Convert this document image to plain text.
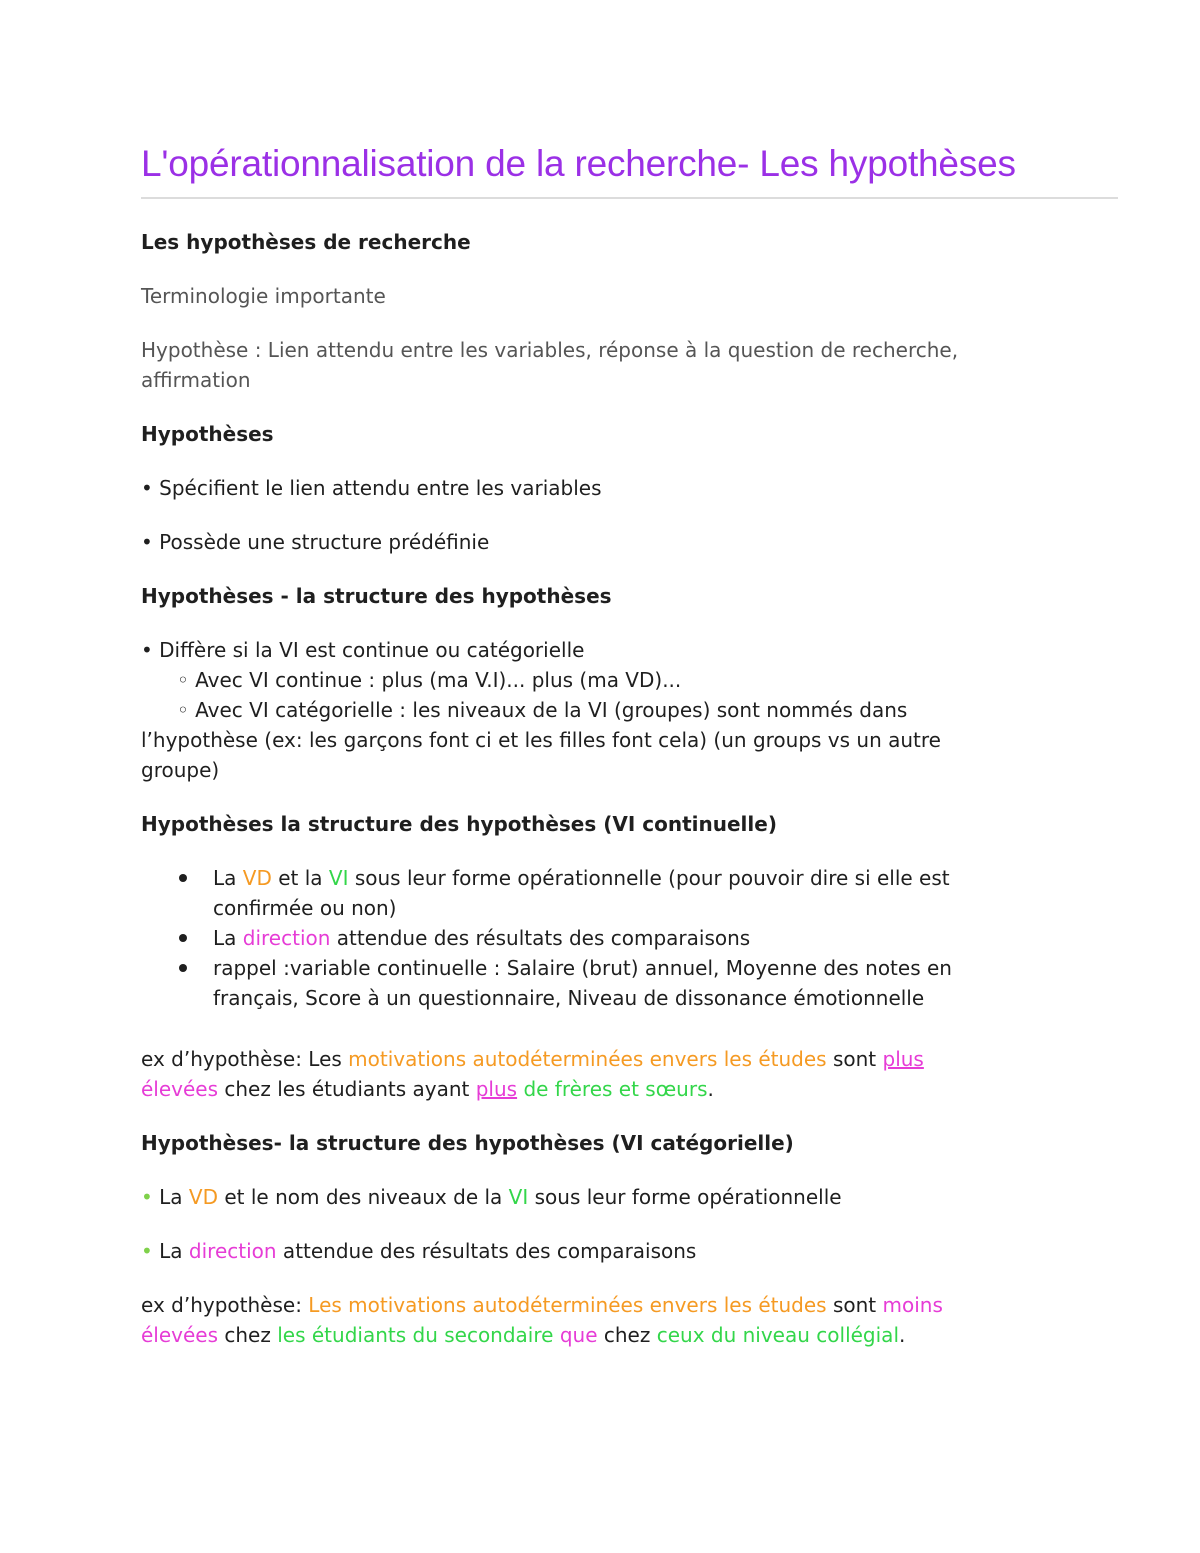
L'opérationnalisation de la recherche- Les hypothèses

Les hypothèses de recherche

Terminologie importante

Hypothèse : Lien attendu entre les variables, réponse à la question de recherche,

affirmation

Hypothèses

• Spécifient le lien attendu entre les variables

• Possède une structure prédéfinie

Hypothèses - la structure des hypothèses

• Diffère si la VI est continue ou catégorielle

◦ Avec VI continue : plus (ma V.I)... plus (ma VD)...

◦ Avec VI catégorielle : les niveaux de la VI (groupes) sont nommés dans

l’hypothèse (ex: les garçons font ci et les filles font cela) (un groups vs un autre

groupe)

Hypothèses la structure des hypothèses (VI continuelle)

La VD et la VI sous leur forme opérationnelle (pour pouvoir dire si elle est
confirmée ou non)
La direction attendue des résultats des comparaisons
rappel :variable continuelle : Salaire (brut) annuel, Moyenne des notes en
français, Score à un questionnaire, Niveau de dissonance émotionnelle

ex d’hypothèse: Les motivations autodéterminées envers les études sont plus
élevées chez les étudiants ayant plus de frères et sœurs.

Hypothèses- la structure des hypothèses (VI catégorielle)

• La VD et le nom des niveaux de la VI sous leur forme opérationnelle

• La direction attendue des résultats des comparaisons

ex d’hypothèse: Les motivations autodéterminées envers les études sont moins
élevées chez les étudiants du secondaire que chez ceux du niveau collégial.
